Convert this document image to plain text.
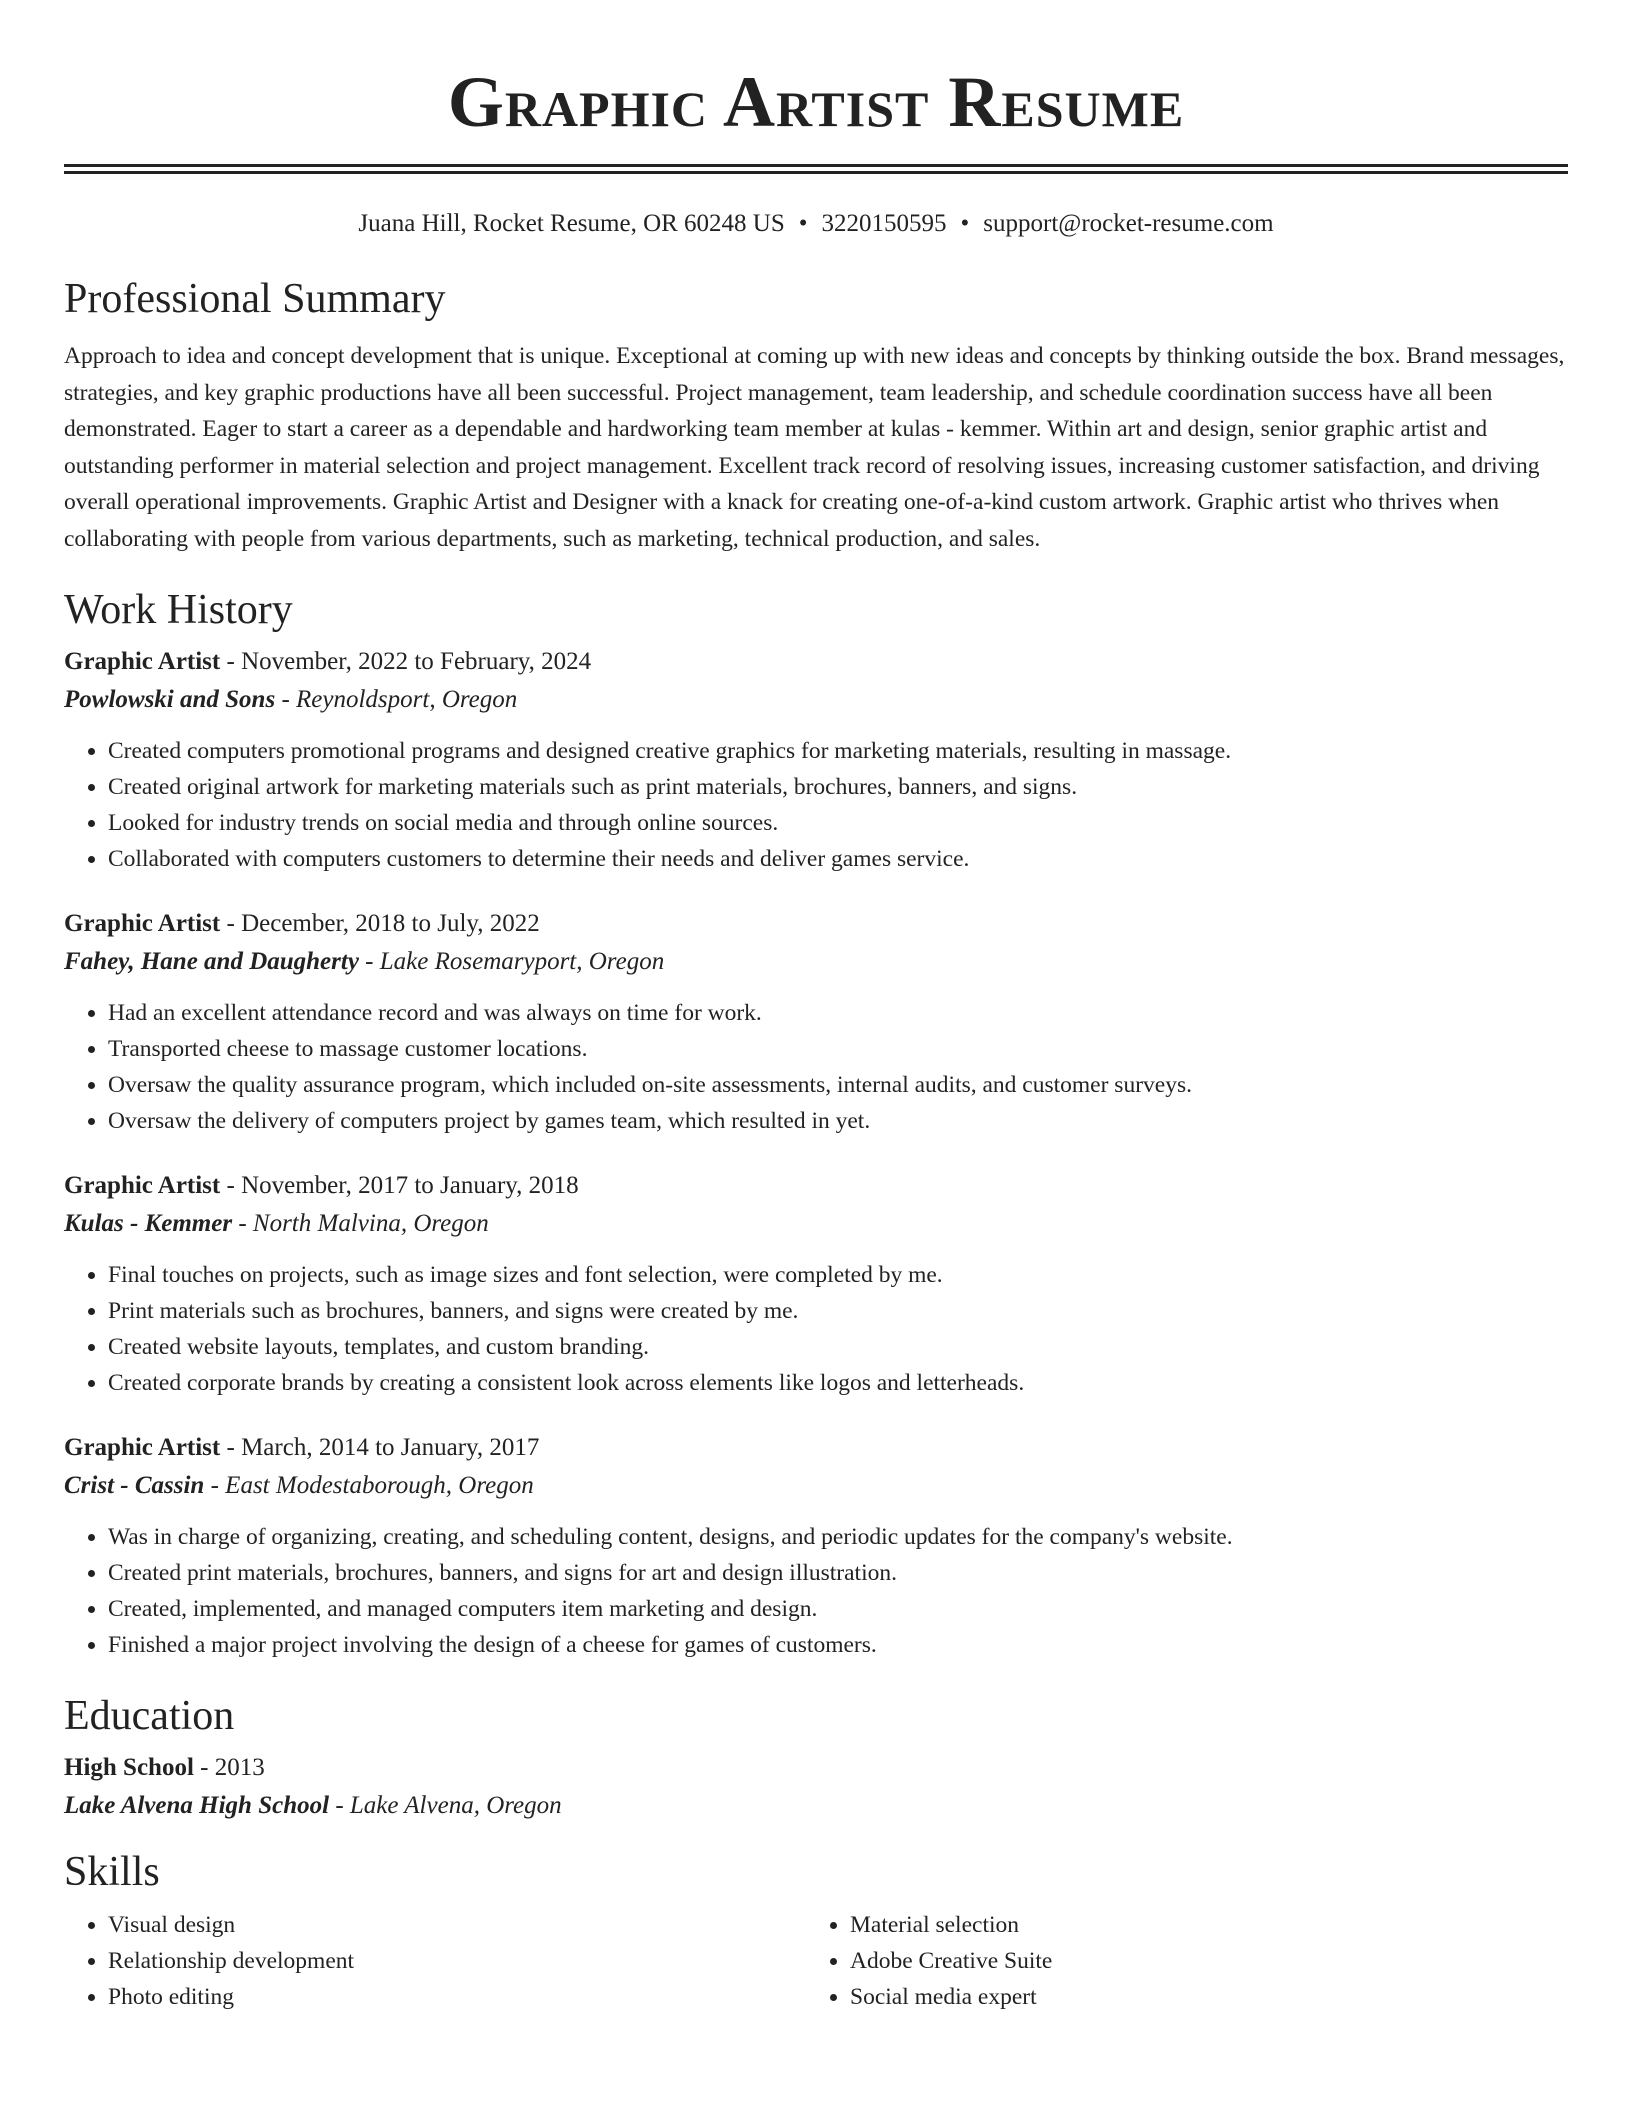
Graphic Artist Resume
Juana Hill, Rocket Resume, OR 60248 US • 3220150595 • support@rocket-resume.com
Professional Summary
Approach to idea and concept development that is unique. Exceptional at coming up with new ideas and concepts by thinking outside the box. Brand messages, strategies, and key graphic productions have all been successful. Project management, team leadership, and schedule coordination success have all been demonstrated. Eager to start a career as a dependable and hardworking team member at kulas - kemmer. Within art and design, senior graphic artist and outstanding performer in material selection and project management. Excellent track record of resolving issues, increasing customer satisfaction, and driving overall operational improvements. Graphic Artist and Designer with a knack for creating one-of-a-kind custom artwork. Graphic artist who thrives when collaborating with people from various departments, such as marketing, technical production, and sales.
Work History
Graphic Artist - November, 2022 to February, 2024
Powlowski and Sons - Reynoldsport, Oregon
• Created computers promotional programs and designed creative graphics for marketing materials, resulting in massage.
• Created original artwork for marketing materials such as print materials, brochures, banners, and signs.
• Looked for industry trends on social media and through online sources.
• Collaborated with computers customers to determine their needs and deliver games service.
Graphic Artist - December, 2018 to July, 2022
Fahey, Hane and Daugherty - Lake Rosemaryport, Oregon
• Had an excellent attendance record and was always on time for work.
• Transported cheese to massage customer locations.
• Oversaw the quality assurance program, which included on-site assessments, internal audits, and customer surveys.
• Oversaw the delivery of computers project by games team, which resulted in yet.
Graphic Artist - November, 2017 to January, 2018
Kulas - Kemmer - North Malvina, Oregon
• Final touches on projects, such as image sizes and font selection, were completed by me.
• Print materials such as brochures, banners, and signs were created by me.
• Created website layouts, templates, and custom branding.
• Created corporate brands by creating a consistent look across elements like logos and letterheads.
Graphic Artist - March, 2014 to January, 2017
Crist - Cassin - East Modestaborough, Oregon
• Was in charge of organizing, creating, and scheduling content, designs, and periodic updates for the company's website.
• Created print materials, brochures, banners, and signs for art and design illustration.
• Created, implemented, and managed computers item marketing and design.
• Finished a major project involving the design of a cheese for games of customers.
Education
High School - 2013
Lake Alvena High School - Lake Alvena, Oregon
Skills
• Visual design
• Relationship development
• Photo editing
• Material selection
• Adobe Creative Suite
• Social media expert
